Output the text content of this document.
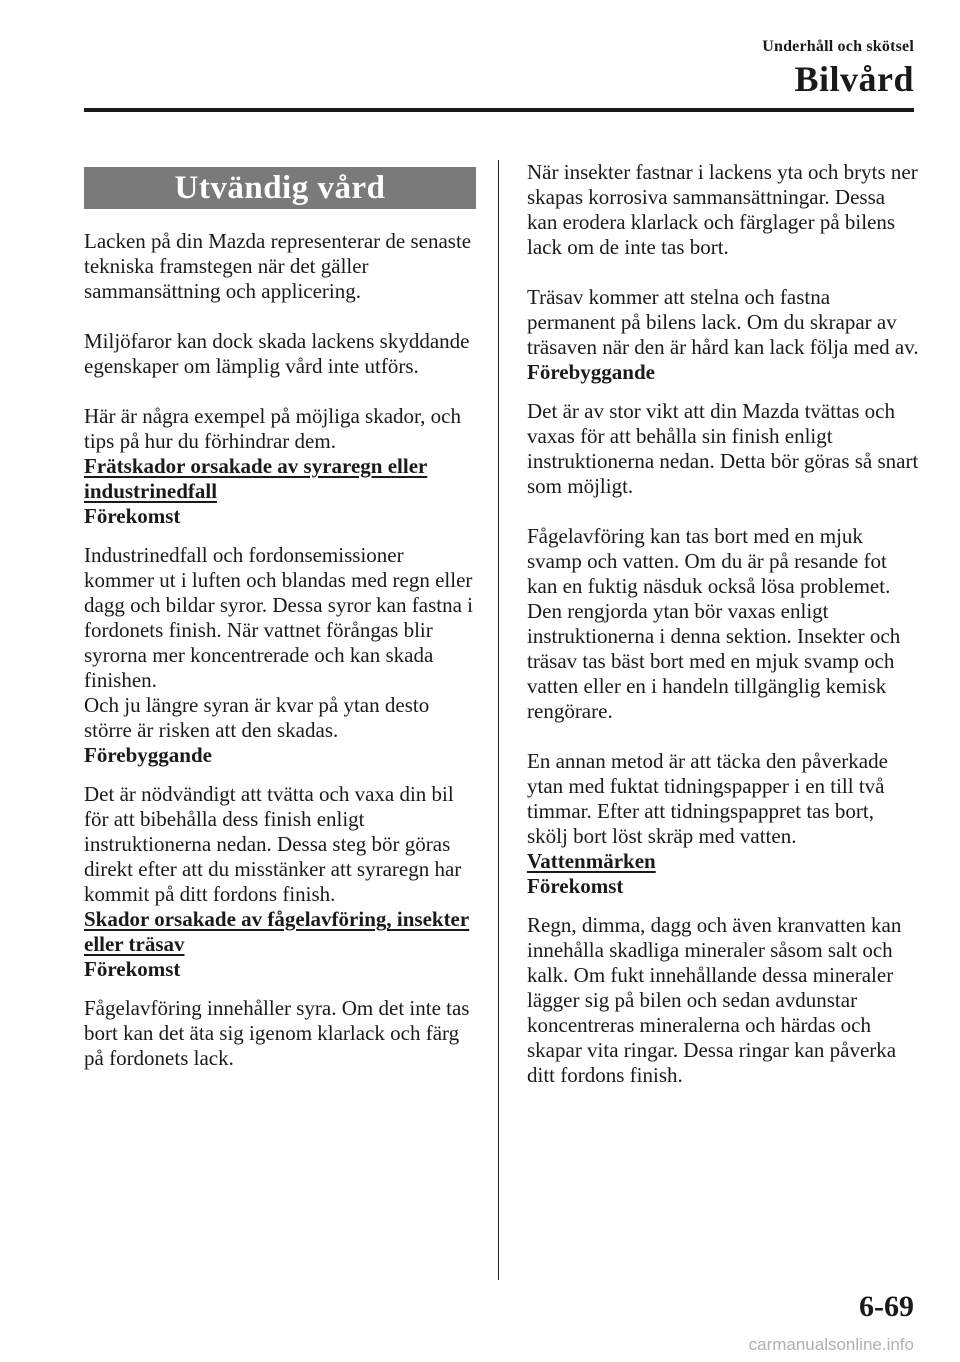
Underhåll och skötsel
Bilvård
Utvändig vård

Lacken på din Mazda representerar de senaste tekniska framstegen när det gäller sammansättning och applicering.

Miljöfaror kan dock skada lackens skyddande egenskaper om lämplig vård inte utförs.

Här är några exempel på möjliga skador, och tips på hur du förhindrar dem.

Frätskador orsakade av syraregn eller industrinedfall

Förekomst

Industrinedfall och fordonsemissioner kommer ut i luften och blandas med regn eller dagg och bildar syror. Dessa syror kan fastna i fordonets finish. När vattnet förångas blir syrorna mer koncentrerade och kan skada finishen.

Och ju längre syran är kvar på ytan desto större är risken att den skadas.

Förebyggande

Det är nödvändigt att tvätta och vaxa din bil för att bibehålla dess finish enligt instruktionerna nedan. Dessa steg bör göras direkt efter att du misstänker att syraregn har kommit på ditt fordons finish.

Skador orsakade av fågelavföring, insekter eller träsav

Förekomst

Fågelavföring innehåller syra. Om det inte tas bort kan det äta sig igenom klarlack och färg på fordonets lack.

När insekter fastnar i lackens yta och bryts ner skapas korrosiva sammansättningar. Dessa kan erodera klarlack och färglager på bilens lack om de inte tas bort.

Träsav kommer att stelna och fastna permanent på bilens lack. Om du skrapar av träsaven när den är hård kan lack följa med av.

Förebyggande

Det är av stor vikt att din Mazda tvättas och vaxas för att behålla sin finish enligt instruktionerna nedan. Detta bör göras så snart som möjligt.

Fågelavföring kan tas bort med en mjuk svamp och vatten. Om du är på resande fot kan en fuktig näsduk också lösa problemet. Den rengjorda ytan bör vaxas enligt instruktionerna i denna sektion. Insekter och träsav tas bäst bort med en mjuk svamp och vatten eller en i handeln tillgänglig kemisk rengörare.

En annan metod är att täcka den påverkade ytan med fuktat tidningspapper i en till två timmar. Efter att tidningspappret tas bort, skölj bort löst skräp med vatten.

Vattenmärken

Förekomst

Regn, dimma, dagg och även kranvatten kan innehålla skadliga mineraler såsom salt och kalk. Om fukt innehållande dessa mineraler lägger sig på bilen och sedan avdunstar koncentreras mineralerna och härdas och skapar vita ringar. Dessa ringar kan påverka ditt fordons finish.

6-69
carmanualsonline.info
